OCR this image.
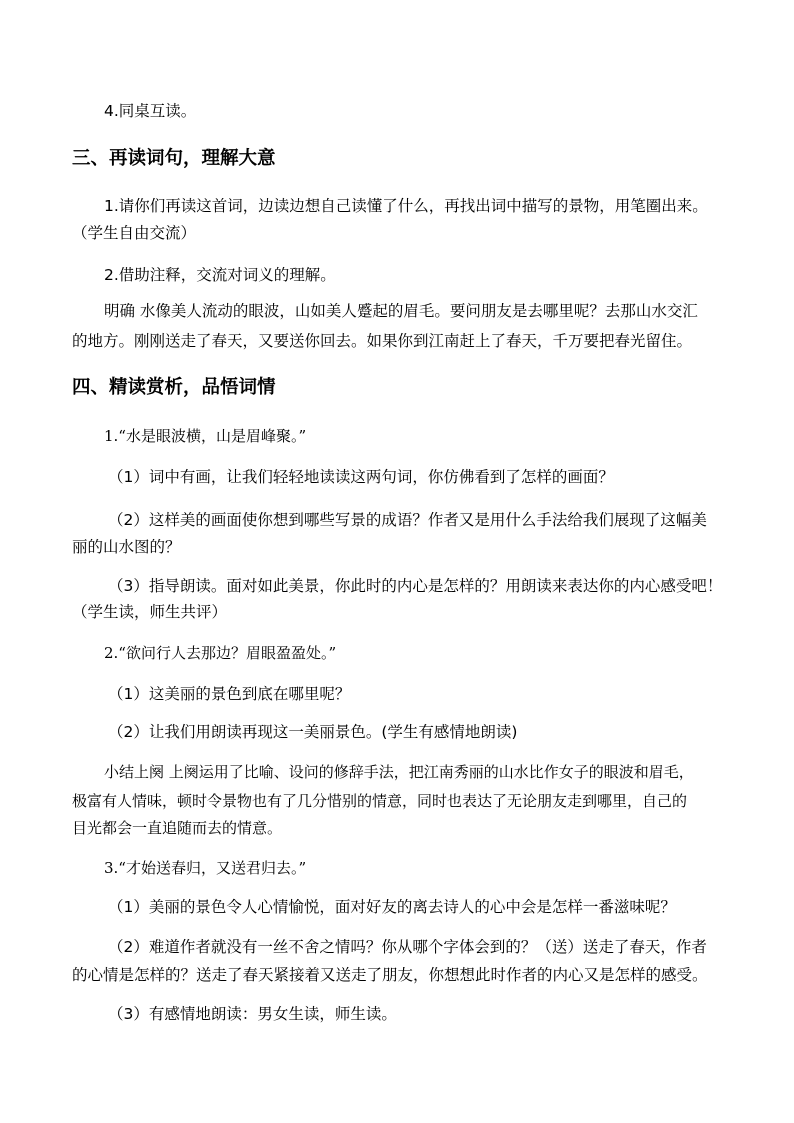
4.同桌互读。
三、再读词句，理解大意
1.请你们再读这首词，边读边想自己读懂了什么，再找出词中描写的景物，用笔圈出来。
（学生自由交流）
2.借助注释，交流对词义的理解。
明确 水像美人流动的眼波，山如美人蹙起的眉毛。要问朋友是去哪里呢？去那山水交汇
的地方。刚刚送走了春天，又要送你回去。如果你到江南赶上了春天，千万要把春光留住。
四、精读赏析，品悟词情
1.“水是眼波横，山是眉峰聚。”
（1）词中有画，让我们轻轻地读读这两句词，你仿佛看到了怎样的画面？
（2）这样美的画面使你想到哪些写景的成语？作者又是用什么手法给我们展现了这幅美
丽的山水图的？
（3）指导朗读。面对如此美景，你此时的内心是怎样的？用朗读来表达你的内心感受吧！
（学生读，师生共评）
2.“欲问行人去那边？眉眼盈盈处。”
（1）这美丽的景色到底在哪里呢？
（2）让我们用朗读再现这一美丽景色。(学生有感情地朗读)
小结上阕 上阕运用了比喻、设问的修辞手法，把江南秀丽的山水比作女子的眼波和眉毛，
极富有人情味，顿时令景物也有了几分惜别的情意，同时也表达了无论朋友走到哪里，自己的
目光都会一直追随而去的情意。
3.“才始送春归，又送君归去。”
（1）美丽的景色令人心情愉悦，面对好友的离去诗人的心中会是怎样一番滋味呢？
（2）难道作者就没有一丝不舍之情吗？你从哪个字体会到的？（送）送走了春天，作者
的心情是怎样的？送走了春天紧接着又送走了朋友，你想想此时作者的内心又是怎样的感受。
（3）有感情地朗读：男女生读，师生读。
